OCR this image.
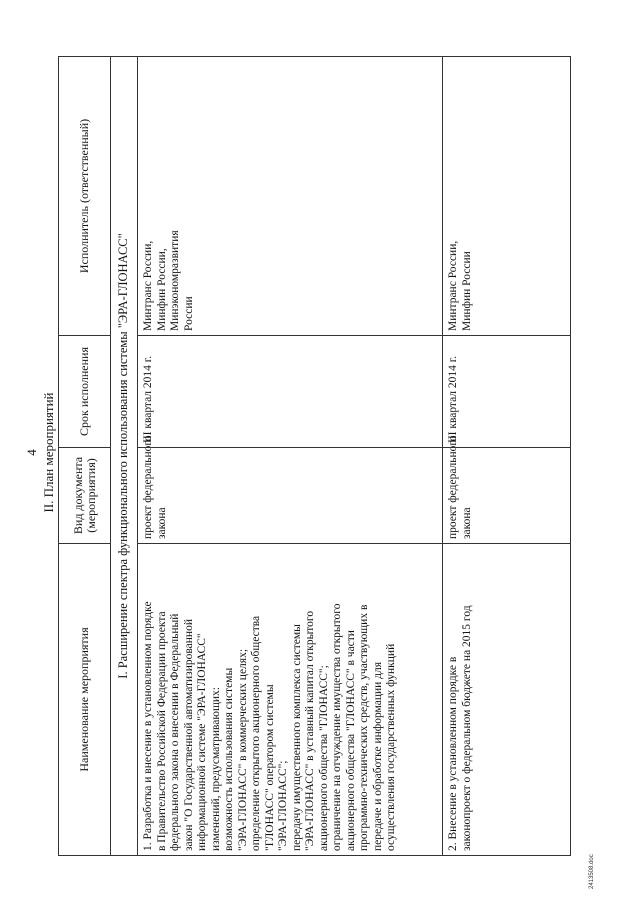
4 II. План мероприятий
Наименование мероприятия
Вид документа (мероприятия)
Срок исполнения
Исполнитель (ответственный)
I. Расширение спектра функционального использования системы "ЭРА-ГЛОНАСС"
1. Разработка и внесение в установленном порядке в Правительство Российской Федерации проекта федерального закона о внесении в Федеральный закон "О Государственной автоматизированной информационной системе "ЭРА-ГЛОНАСС" изменений, предусматривающих: возможность использования системы "ЭРА-ГЛОНАСС" в коммерческих целях; определение открытого акционерного общества "ГЛОНАСС" оператором системы "ЭРА-ГЛОНАСС"; передачу имущественного комплекса системы "ЭРА-ГЛОНАСС" в уставный капитал открытого акционерного общества "ГЛОНАСС"; ограничение на отчуждение имущества открытого акционерного общества "ГЛОНАСС" в части программно-технических средств, участвующих в передаче и обработке информации для осуществления государственных функций
проект федерального закона
III квартал 2014 г.
Минтранс России, Минфин России, Минэкономразвития России
2. Внесение в установленном порядке в законопроект о федеральном бюджете на 2015 год
проект федерального закона
III квартал 2014 г.
Минтранс России, Минфин России
2413508.doc
